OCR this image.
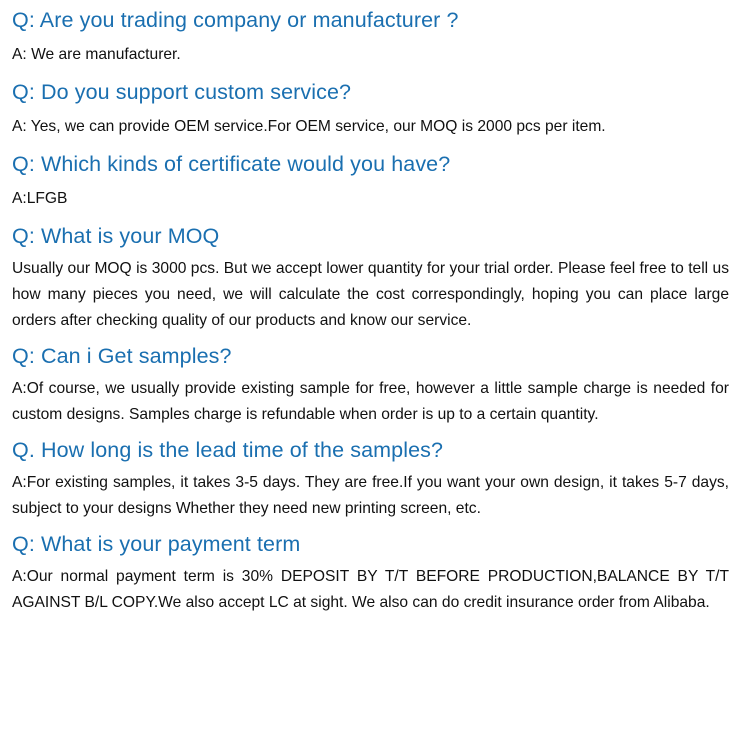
Q: Are you trading company or manufacturer ?

A: We are manufacturer.

Q: Do you support custom service?

A: Yes, we can provide OEM service.For OEM service, our MOQ is 2000 pcs per item.

Q: Which kinds of certificate would you have?

A:LFGB

Q: What is your MOQ

Usually our MOQ is 3000 pcs. But we accept lower quantity for your trial order. Please feel free to tell us how many pieces you need, we will calculate the cost correspondingly, hoping you can place large orders after checking quality of our products and know our service.

Q: Can i Get samples?

A:Of course, we usually provide existing sample for free, however a little sample charge is needed for custom designs. Samples charge is refundable when order is up to a certain quantity.

Q. How long is the lead time of the samples?

A:For existing samples, it takes 3-5 days. They are free.If you want your own design, it takes 5-7 days, subject to your designs Whether they need new printing screen, etc.

Q: What is your payment term

A:Our normal payment term is 30% DEPOSIT BY T/T BEFORE PRODUCTION,BALANCE BY T/T AGAINST B/L COPY.We also accept LC at sight. We also can do credit insurance order from Alibaba.
